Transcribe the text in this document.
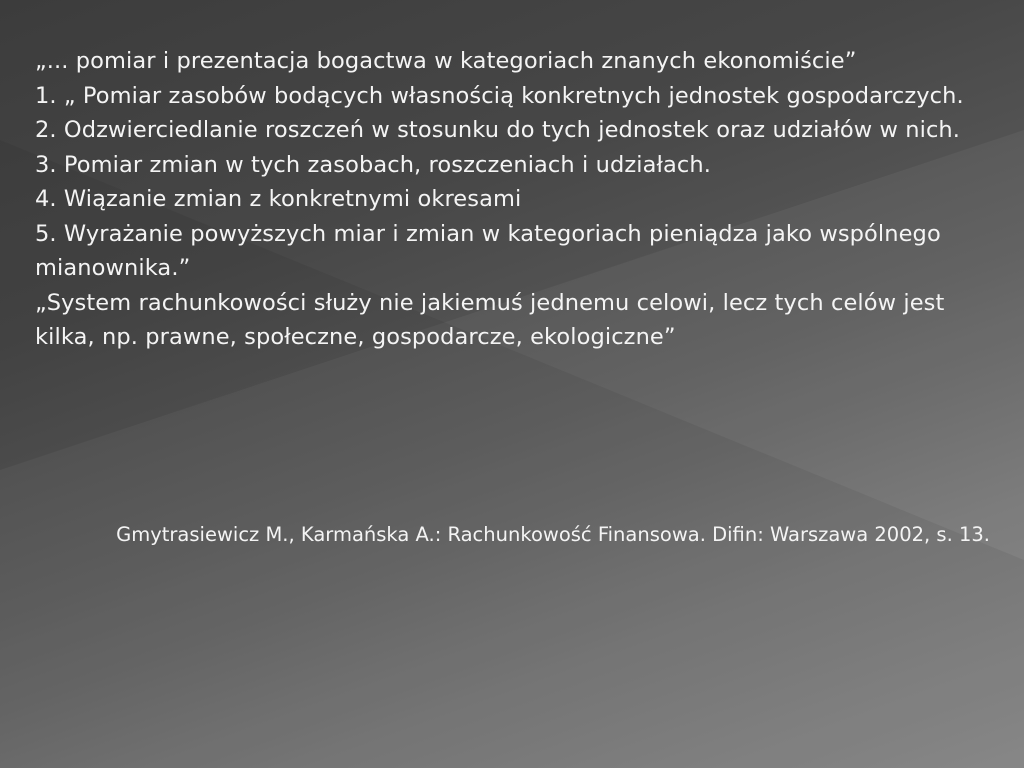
„... pomiar i prezentacja bogactwa w kategoriach znanych ekonomiście”

1. „ Pomiar zasobów bodących własnością konkretnych jednostek gospodarczych.

2. Odzwierciedlanie roszczeń w stosunku do tych jednostek oraz udziałów w nich.

3. Pomiar zmian w tych zasobach, roszczeniach i udziałach.

4. Wiązanie zmian z konkretnymi okresami

5. Wyrażanie powyższych miar i zmian w kategoriach pieniądza jako wspólnego mianownika.”

„System rachunkowości służy nie jakiemuś jednemu celowi, lecz tych celów jest kilka, np. prawne, społeczne, gospodarcze, ekologiczne”

Gmytrasiewicz M., Karmańska A.: Rachunkowość Finansowa. Difin: Warszawa 2002, s. 13.
